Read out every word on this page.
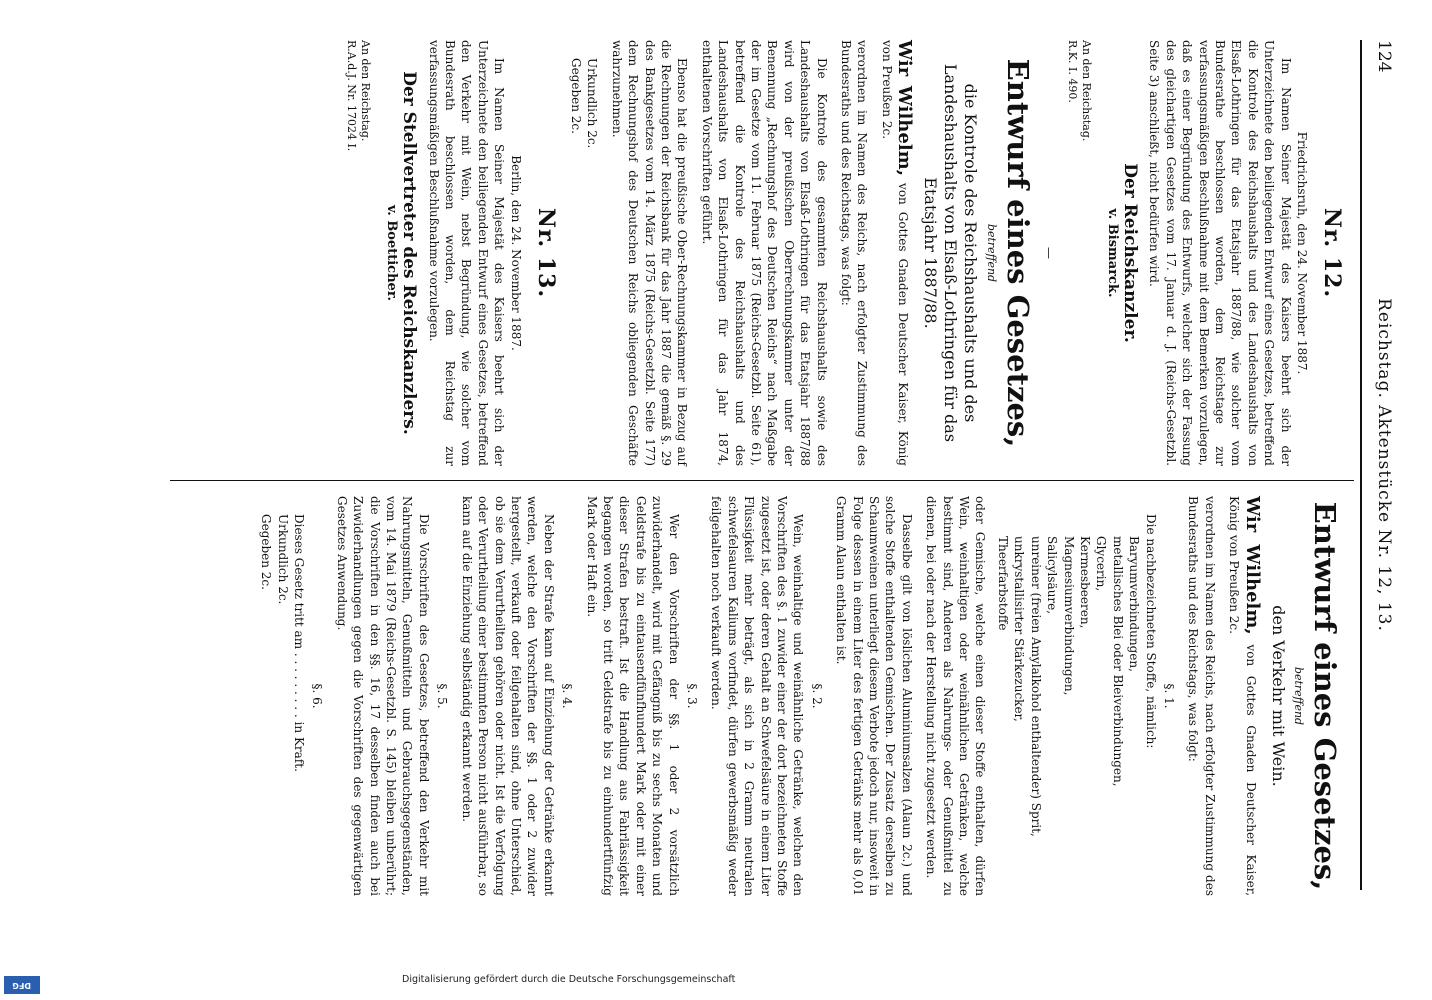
124
Reichstag. Aktenstücke Nr. 12, 13.
Nr. 12.
Friedrichsruh, den 24. November 1887.
Im Namen Seiner Majestät des Kaisers beehrt sich der Unterzeichnete den beiliegenden Entwurf eines Gesetzes, betreffend die Kontrole des Reichshaushalts und des Landeshaushalts von Elsaß-Lothringen für das Etatsjahr 1887/88, wie solcher vom Bundesrathe beschlossen worden, dem Reichstage zur verfassungsmäßigen Beschlußnahme mit dem Bemerken vorzulegen, daß es einer Begründung des Entwurfs, welcher sich der Fassung des gleichartigen Gesetzes vom 17. Januar d. J. (Reichs-Gesetzbl. Seite 3) anschließt, nicht bedürfen wird.
Der Reichskanzler.
v. Bismarck.
An den Reichstag.
R.K. I. 490.
—
Entwurf eines Gesetzes,
betreffend
die Kontrole des Reichshaushalts und des Landeshaushalts von Elsaß-Lothringen für das Etatsjahr 1887/88.
Wir Wilhelm, von Gottes Gnaden Deutscher Kaiser, König von Preußen 2c.
verordnen im Namen des Reichs, nach erfolgter Zustimmung des Bundesraths und des Reichstags, was folgt:
Die Kontrole des gesammten Reichshaushalts sowie des Landeshaushalts von Elsaß-Lothringen für das Etatsjahr 1887/88 wird von der preußischen Oberrechnungskammer unter der Benennung „Rechnungshof des Deutschen Reichs“ nach Maßgabe der im Gesetze vom 11. Februar 1875 (Reichs-Gesetzbl. Seite 61), betreffend die Kontrole des Reichshaushalts und des Landeshaushalts von Elsaß-Lothringen für das Jahr 1874, enthaltenen Vorschriften geführt.
Ebenso hat die preußische Ober-Rechnungskammer in Bezug auf die Rechnungen der Reichsbank für das Jahr 1887 die gemäß §. 29 des Bankgesetzes vom 14. März 1875 (Reichs-Gesetzbl. Seite 177) dem Rechnungshof des Deutschen Reichs obliegenden Geschäfte wahrzunehmen.
Urkundlich 2c.
Gegeben 2c.
Nr. 13.
Berlin, den 24. November 1887.
Im Namen Seiner Majestät des Kaisers beehrt sich der Unterzeichnete den beiliegenden Entwurf eines Gesetzes, betreffend den Verkehr mit Wein, nebst Begründung, wie solcher vom Bundesrath beschlossen worden, dem Reichstag zur verfassungsmäßigen Beschlußnahme vorzulegen.
Der Stellvertreter des Reichskanzlers.
v. Boetticher.
An den Reichstag.
R.A.d.J. Nr. 17024 I.
Entwurf eines Gesetzes,
betreffend
den Verkehr mit Wein.
Wir Wilhelm, von Gottes Gnaden Deutscher Kaiser, König von Preußen 2c.
verordnen im Namen des Reichs, nach erfolgter Zustimmung des Bundesraths und des Reichstags, was folgt:
§. 1.
Die nachbezeichneten Stoffe, nämlich:
Baryumverbindungen,
metallisches Blei oder Bleiverbindungen,
Glycerin,
Kermesbeeren,
Magnesiumverbindungen,
Salicylsäure,
unreiner (freien Amylalkohol enthaltender) Sprit,
unkrystallisirter Stärkezucker,
Theerfarbstoffe
oder Gemische, welche einen dieser Stoffe enthalten, dürfen Wein, weinhaltigen oder weinähnlichen Getränken, welche bestimmt sind, Anderen als Nahrungs- oder Genußmittel zu dienen, bei oder nach der Herstellung nicht zugesetzt werden.
Dasselbe gilt von löslichen Aluminiumsalzen (Alaun 2c.) und solche Stoffe enthaltenden Gemischen. Der Zusatz derselben zu Schaumweinen unterliegt diesem Verbote jedoch nur, insoweit in Folge dessen in einem Liter des fertigen Getränks mehr als 0,01 Gramm Alaun enthalten ist.
§. 2.
Wein, weinhaltige und weinähnliche Getränke, welchen den Vorschriften des §. 1 zuwider einer der dort bezeichneten Stoffe zugesetzt ist, oder deren Gehalt an Schwefelsäure in einem Liter Flüssigkeit mehr beträgt, als sich in 2 Gramm neutralen schwefelsauren Kaliums vorfindet, dürfen gewerbsmäßig weder feilgehalten noch verkauft werden.
§. 3.
Wer den Vorschriften der §§. 1 oder 2 vorsätzlich zuwiderhandelt, wird mit Gefängniß bis zu sechs Monaten und Geldstrafe bis zu eintausendfünfhundert Mark oder mit einer dieser Strafen bestraft. Ist die Handlung aus Fahrlässigkeit begangen worden, so tritt Geldstrafe bis zu einhundertfünfzig Mark oder Haft ein.
§. 4.
Neben der Strafe kann auf Einziehung der Getränke erkannt werden, welche den Vorschriften der §§. 1 oder 2 zuwider hergestellt, verkauft oder feilgehalten sind, ohne Unterschied, ob sie dem Verurtheilten gehören oder nicht. Ist die Verfolgung oder Verurtheilung einer bestimmten Person nicht ausführbar, so kann auf die Einziehung selbständig erkannt werden.
§. 5.
Die Vorschriften des Gesetzes, betreffend den Verkehr mit Nahrungsmitteln, Genußmitteln und Gebrauchsgegenständen, vom 14. Mai 1879 (Reichs-Gesetzbl. S. 145) bleiben unberührt; die Vorschriften in den §§. 16, 17 desselben finden auch bei Zuwiderhandlungen gegen die Vorschriften des gegenwärtigen Gesetzes Anwendung.
§. 6.
Dieses Gesetz tritt am . . . . . . . . . in Kraft.
Urkundlich 2c.
Gegeben 2c.
Digitalisierung gefördert durch die Deutsche Forschungsgemeinschaft
DFG
